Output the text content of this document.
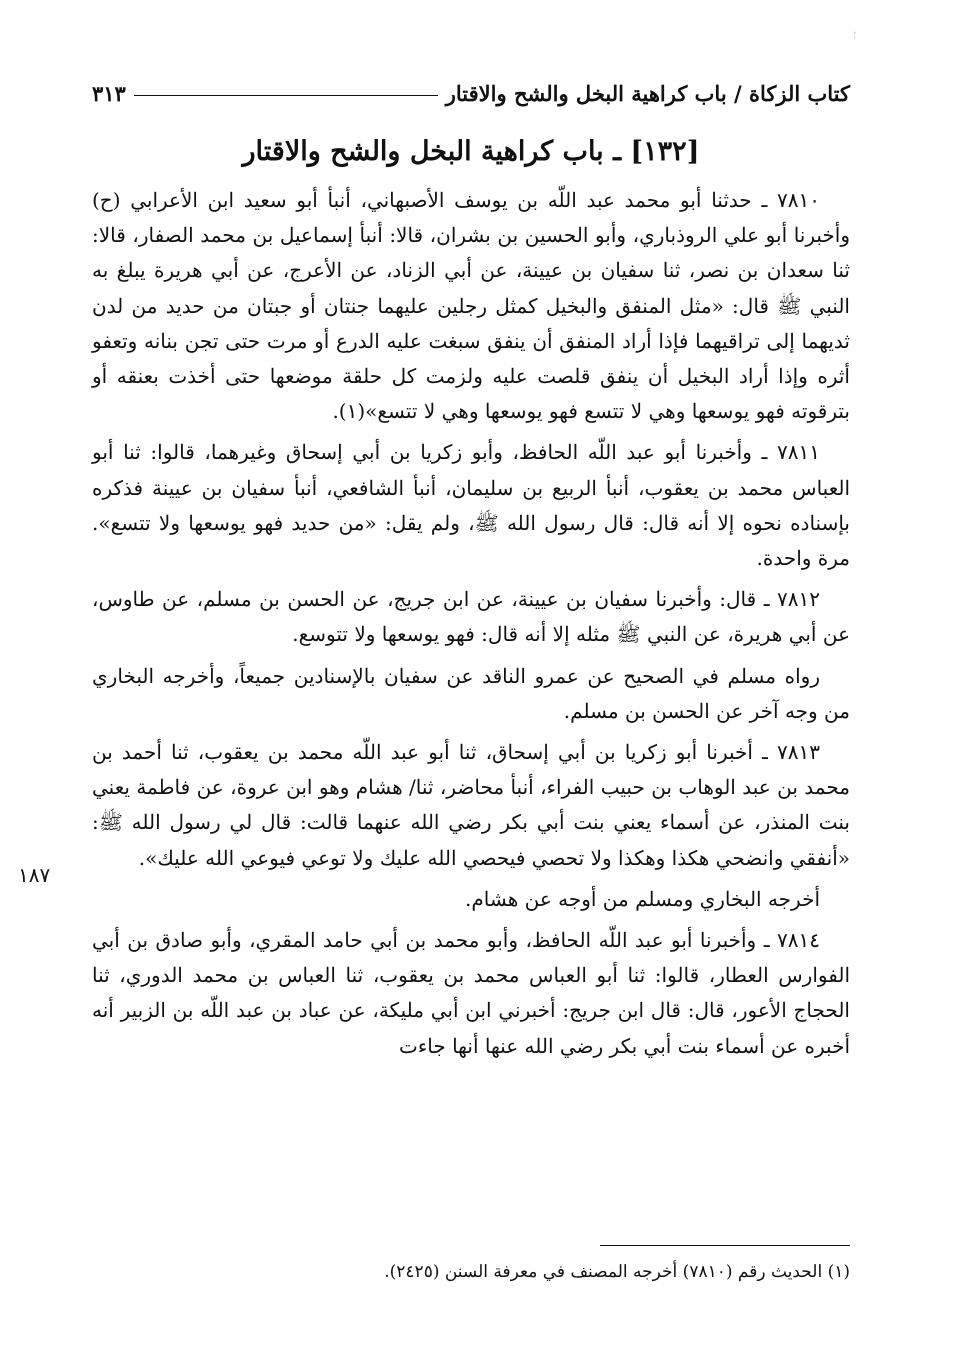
؛
كتاب الزكاة / باب كراهية البخل والشح والاقتار
٣١٣
[١٣٢] ـ باب كراهية البخل والشح والاقتار

٧٨١٠ ـ حدثنا أبو محمد عبد اللّه بن يوسف الأصبهاني، أنبأ أبو سعيد ابن الأعرابي (ح) وأخبرنا أبو علي الروذباري، وأبو الحسين بن بشران، قالا: أنبأ إسماعيل بن محمد الصفار، قالا: ثنا سعدان بن نصر، ثنا سفيان بن عيينة، عن أبي الزناد، عن الأعرج، عن أبي هريرة يبلغ به النبي ﷺ قال: «مثل المنفق والبخيل كمثل رجلين عليهما جنتان أو جبتان من حديد من لدن ثديهما إلى تراقيهما فإذا أراد المنفق أن ينفق سبغت عليه الدرع أو مرت حتى تجن بنانه وتعفو أثره وإذا أراد البخيل أن ينفق قلصت عليه ولزمت كل حلقة موضعها حتى أخذت بعنقه أو بترقوته فهو يوسعها وهي لا تتسع فهو يوسعها وهي لا تتسع»(١).

٧٨١١ ـ وأخبرنا أبو عبد اللّه الحافظ، وأبو زكريا بن أبي إسحاق وغيرهما، قالوا: ثنا أبو العباس محمد بن يعقوب، أنبأ الربيع بن سليمان، أنبأ الشافعي، أنبأ سفيان بن عيينة فذكره بإسناده نحوه إلا أنه قال: قال رسول الله ﷺ، ولم يقل: «من حديد فهو يوسعها ولا تتسع». مرة واحدة.

٧٨١٢ ـ قال: وأخبرنا سفيان بن عيينة، عن ابن جريج، عن الحسن بن مسلم، عن طاوس، عن أبي هريرة، عن النبي ﷺ مثله إلا أنه قال: فهو يوسعها ولا تتوسع.

رواه مسلم في الصحيح عن عمرو الناقد عن سفيان بالإسنادين جميعاً، وأخرجه البخاري من وجه آخر عن الحسن بن مسلم.

٧٨١٣ ـ أخبرنا أبو زكريا بن أبي إسحاق، ثنا أبو عبد اللّه محمد بن يعقوب، ثنا أحمد بن محمد بن عبد الوهاب بن حبيب الفراء، أنبأ محاضر، ثنا/ هشام وهو ابن عروة، عن فاطمة يعني بنت المنذر، عن أسماء يعني بنت أبي بكر رضي الله عنهما قالت: قال لي رسول الله ﷺ: «أنفقي وانضحي هكذا وهكذا ولا تحصي فيحصي الله عليك ولا توعي فيوعي الله عليك».

أخرجه البخاري ومسلم من أوجه عن هشام.

٧٨١٤ ـ وأخبرنا أبو عبد اللّه الحافظ، وأبو محمد بن أبي حامد المقري، وأبو صادق بن أبي الفوارس العطار، قالوا: ثنا أبو العباس محمد بن يعقوب، ثنا العباس بن محمد الدوري، ثنا الحجاج الأعور، قال: قال ابن جريج: أخبرني ابن أبي مليكة، عن عباد بن عبد اللّه بن الزبير أنه أخبره عن أسماء بنت أبي بكر رضي الله عنها أنها جاءت

١٨٧
(١) الحديث رقم (٧٨١٠) أخرجه المصنف في معرفة السنن (٢٤٢٥).
